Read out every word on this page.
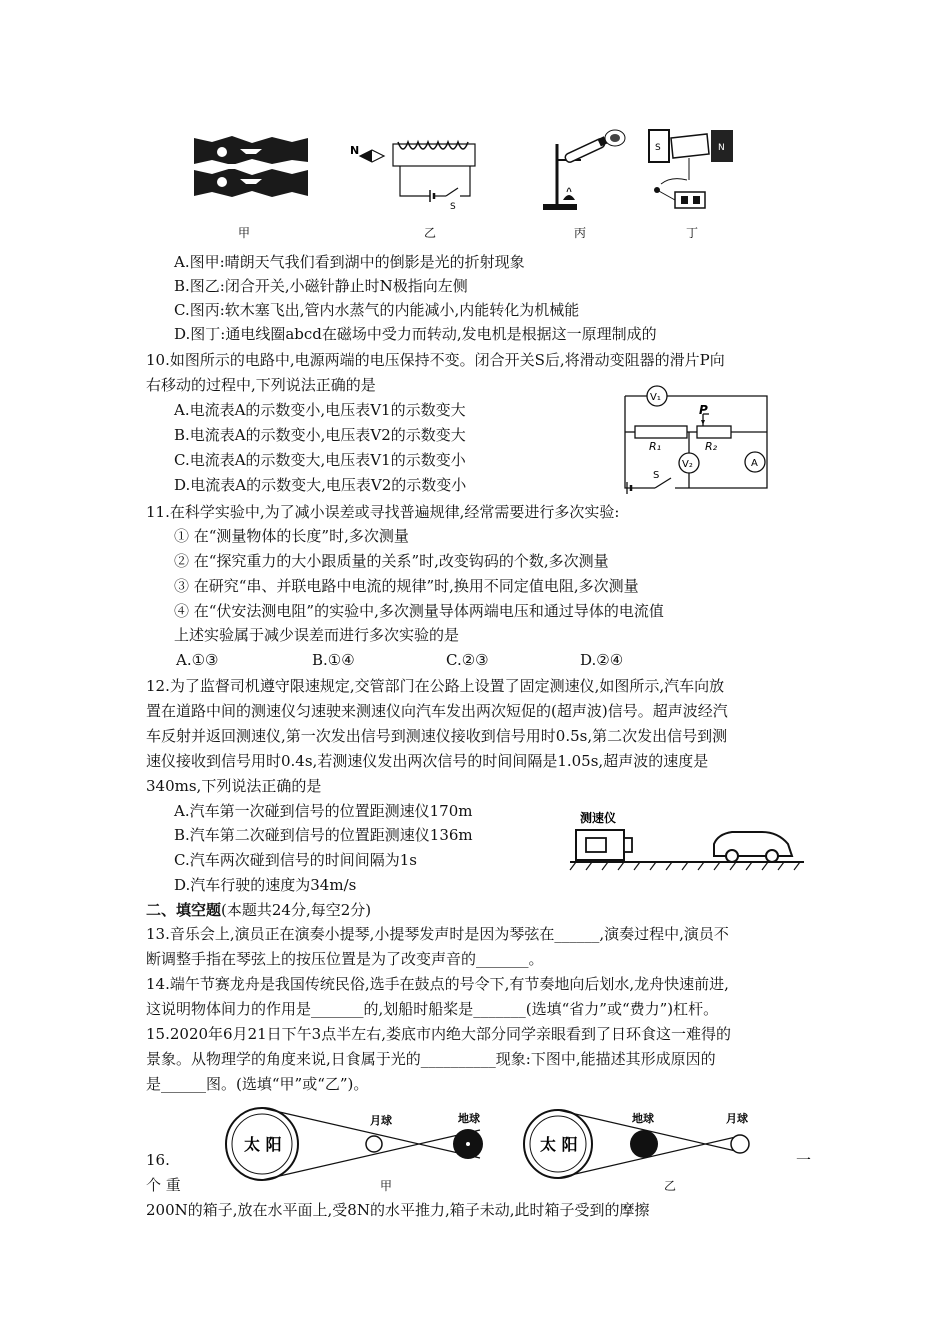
N
S
S	N
甲	乙	丙	丁
A.图甲:晴朗天气我们看到湖中的倒影是光的折射现象
B.图乙:闭合开关,小磁针静止时N极指向左侧
C.图丙:软木塞飞出,管内水蒸气的内能减小,内能转化为机械能
D.图丁:通电线圈abcd在磁场中受力而转动,发电机是根据这一原理制成的
10.如图所示的电路中,电源两端的电压保持不变。闭合开关S后,将滑动变阻器的滑片P向
右移动的过程中,下列说法正确的是
A.电流表A的示数变小,电压表V1的示数变大
B.电流表A的示数变小,电压表V2的示数变大
C.电流表A的示数变大,电压表V1的示数变小
D.电流表A的示数变大,电压表V2的示数变小
V₁
V₂	A
R₁	R₂
P
S
11.在科学实验中,为了减小误差或寻找普遍规律,经常需要进行多次实验:
① 在“测量物体的长度”时,多次测量
② 在“探究重力的大小跟质量的关系”时,改变钩码的个数,多次测量
③ 在研究“串、并联电路中电流的规律”时,换用不同定值电阻,多次测量
④ 在“伏安法测电阻”的实验中,多次测量导体两端电压和通过导体的电流值
上述实验属于减少误差而进行多次实验的是
A.①③	B.①④	C.②③	D.②④
12.为了监督司机遵守限速规定,交管部门在公路上设置了固定测速仪,如图所示,汽车向放
置在道路中间的测速仪匀速驶来测速仪向汽车发出两次短促的(超声波)信号。超声波经汽
车反射并返回测速仪,第一次发出信号到测速仪接收到信号用时0.5s,第二次发出信号到测
速仪接收到信号用时0.4s,若测速仪发出两次信号的时间间隔是1.05s,超声波的速度是
340ms,下列说法正确的是
A.汽车第一次碰到信号的位置距测速仪170m
B.汽车第二次碰到信号的位置距测速仪136m
C.汽车两次碰到信号的时间间隔为1s
D.汽车行驶的速度为34m/s
测速仪
二、填空题(本题共24分,每空2分)
13.音乐会上,演员正在演奏小提琴,小提琴发声时是因为琴弦在______,演奏过程中,演员不
断调整手指在琴弦上的按压位置是为了改变声音的_______。
14.端午节赛龙舟是我国传统民俗,选手在鼓点的号令下,有节奏地向后划水,龙舟快速前进,
这说明物体间力的作用是_______的,划船时船桨是_______(选填“省力”或“费力”)杠杆。
15.2020年6月21日下午3点半左右,娄底市内绝大部分同学亲眼看到了日环食这一难得的
景象。从物理学的角度来说,日食属于光的__________现象:下图中,能描述其形成原因的
是______图。(选填“甲”或“乙”)。
太 阳
月球	地球
太 阳
地球	月球
甲	乙
16.
个 重
一
200N的箱子,放在水平面上,受8N的水平推力,箱子未动,此时箱子受到的摩擦
